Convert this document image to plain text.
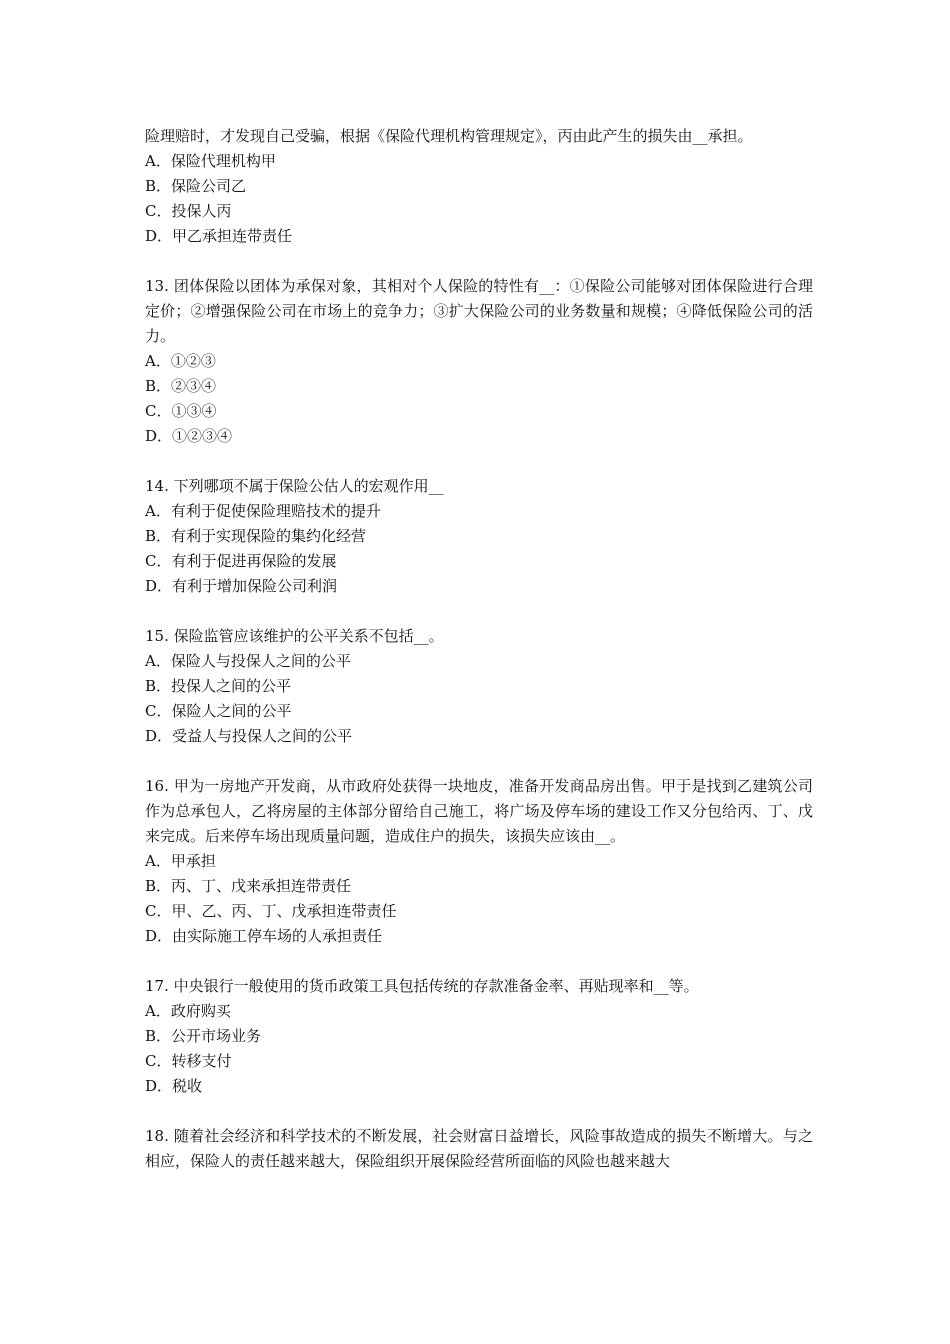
险理赔时，才发现自己受骗，根据《保险代理机构管理规定》，丙由此产生的损失由__承担。

A．保险代理机构甲

B．保险公司乙

C．投保人丙

D．甲乙承担连带责任

13. 团体保险以团体为承保对象，其相对个人保险的特性有__：①保险公司能够对团体保险进行合理定价；②增强保险公司在市场上的竞争力；③扩大保险公司的业务数量和规模；④降低保险公司的活力。

A．①②③

B．②③④

C．①③④

D．①②③④

14. 下列哪项不属于保险公估人的宏观作用__

A．有利于促使保险理赔技术的提升

B．有利于实现保险的集约化经营

C．有利于促进再保险的发展

D．有利于增加保险公司利润

15. 保险监管应该维护的公平关系不包括__。

A．保险人与投保人之间的公平

B．投保人之间的公平

C．保险人之间的公平

D．受益人与投保人之间的公平

16. 甲为一房地产开发商，从市政府处获得一块地皮，准备开发商品房出售。甲于是找到乙建筑公司作为总承包人，乙将房屋的主体部分留给自己施工，将广场及停车场的建设工作又分包给丙、丁、戊来完成。后来停车场出现质量问题，造成住户的损失，该损失应该由__。

A．甲承担

B．丙、丁、戊来承担连带责任

C．甲、乙、丙、丁、戊承担连带责任

D．由实际施工停车场的人承担责任

17. 中央银行一般使用的货币政策工具包括传统的存款准备金率、再贴现率和__等。

A．政府购买

B．公开市场业务

C．转移支付

D．税收

18. 随着社会经济和科学技术的不断发展，社会财富日益增长，风险事故造成的损失不断增大。与之相应，保险人的责任越来越大，保险组织开展保险经营所面临的风险也越来越大
